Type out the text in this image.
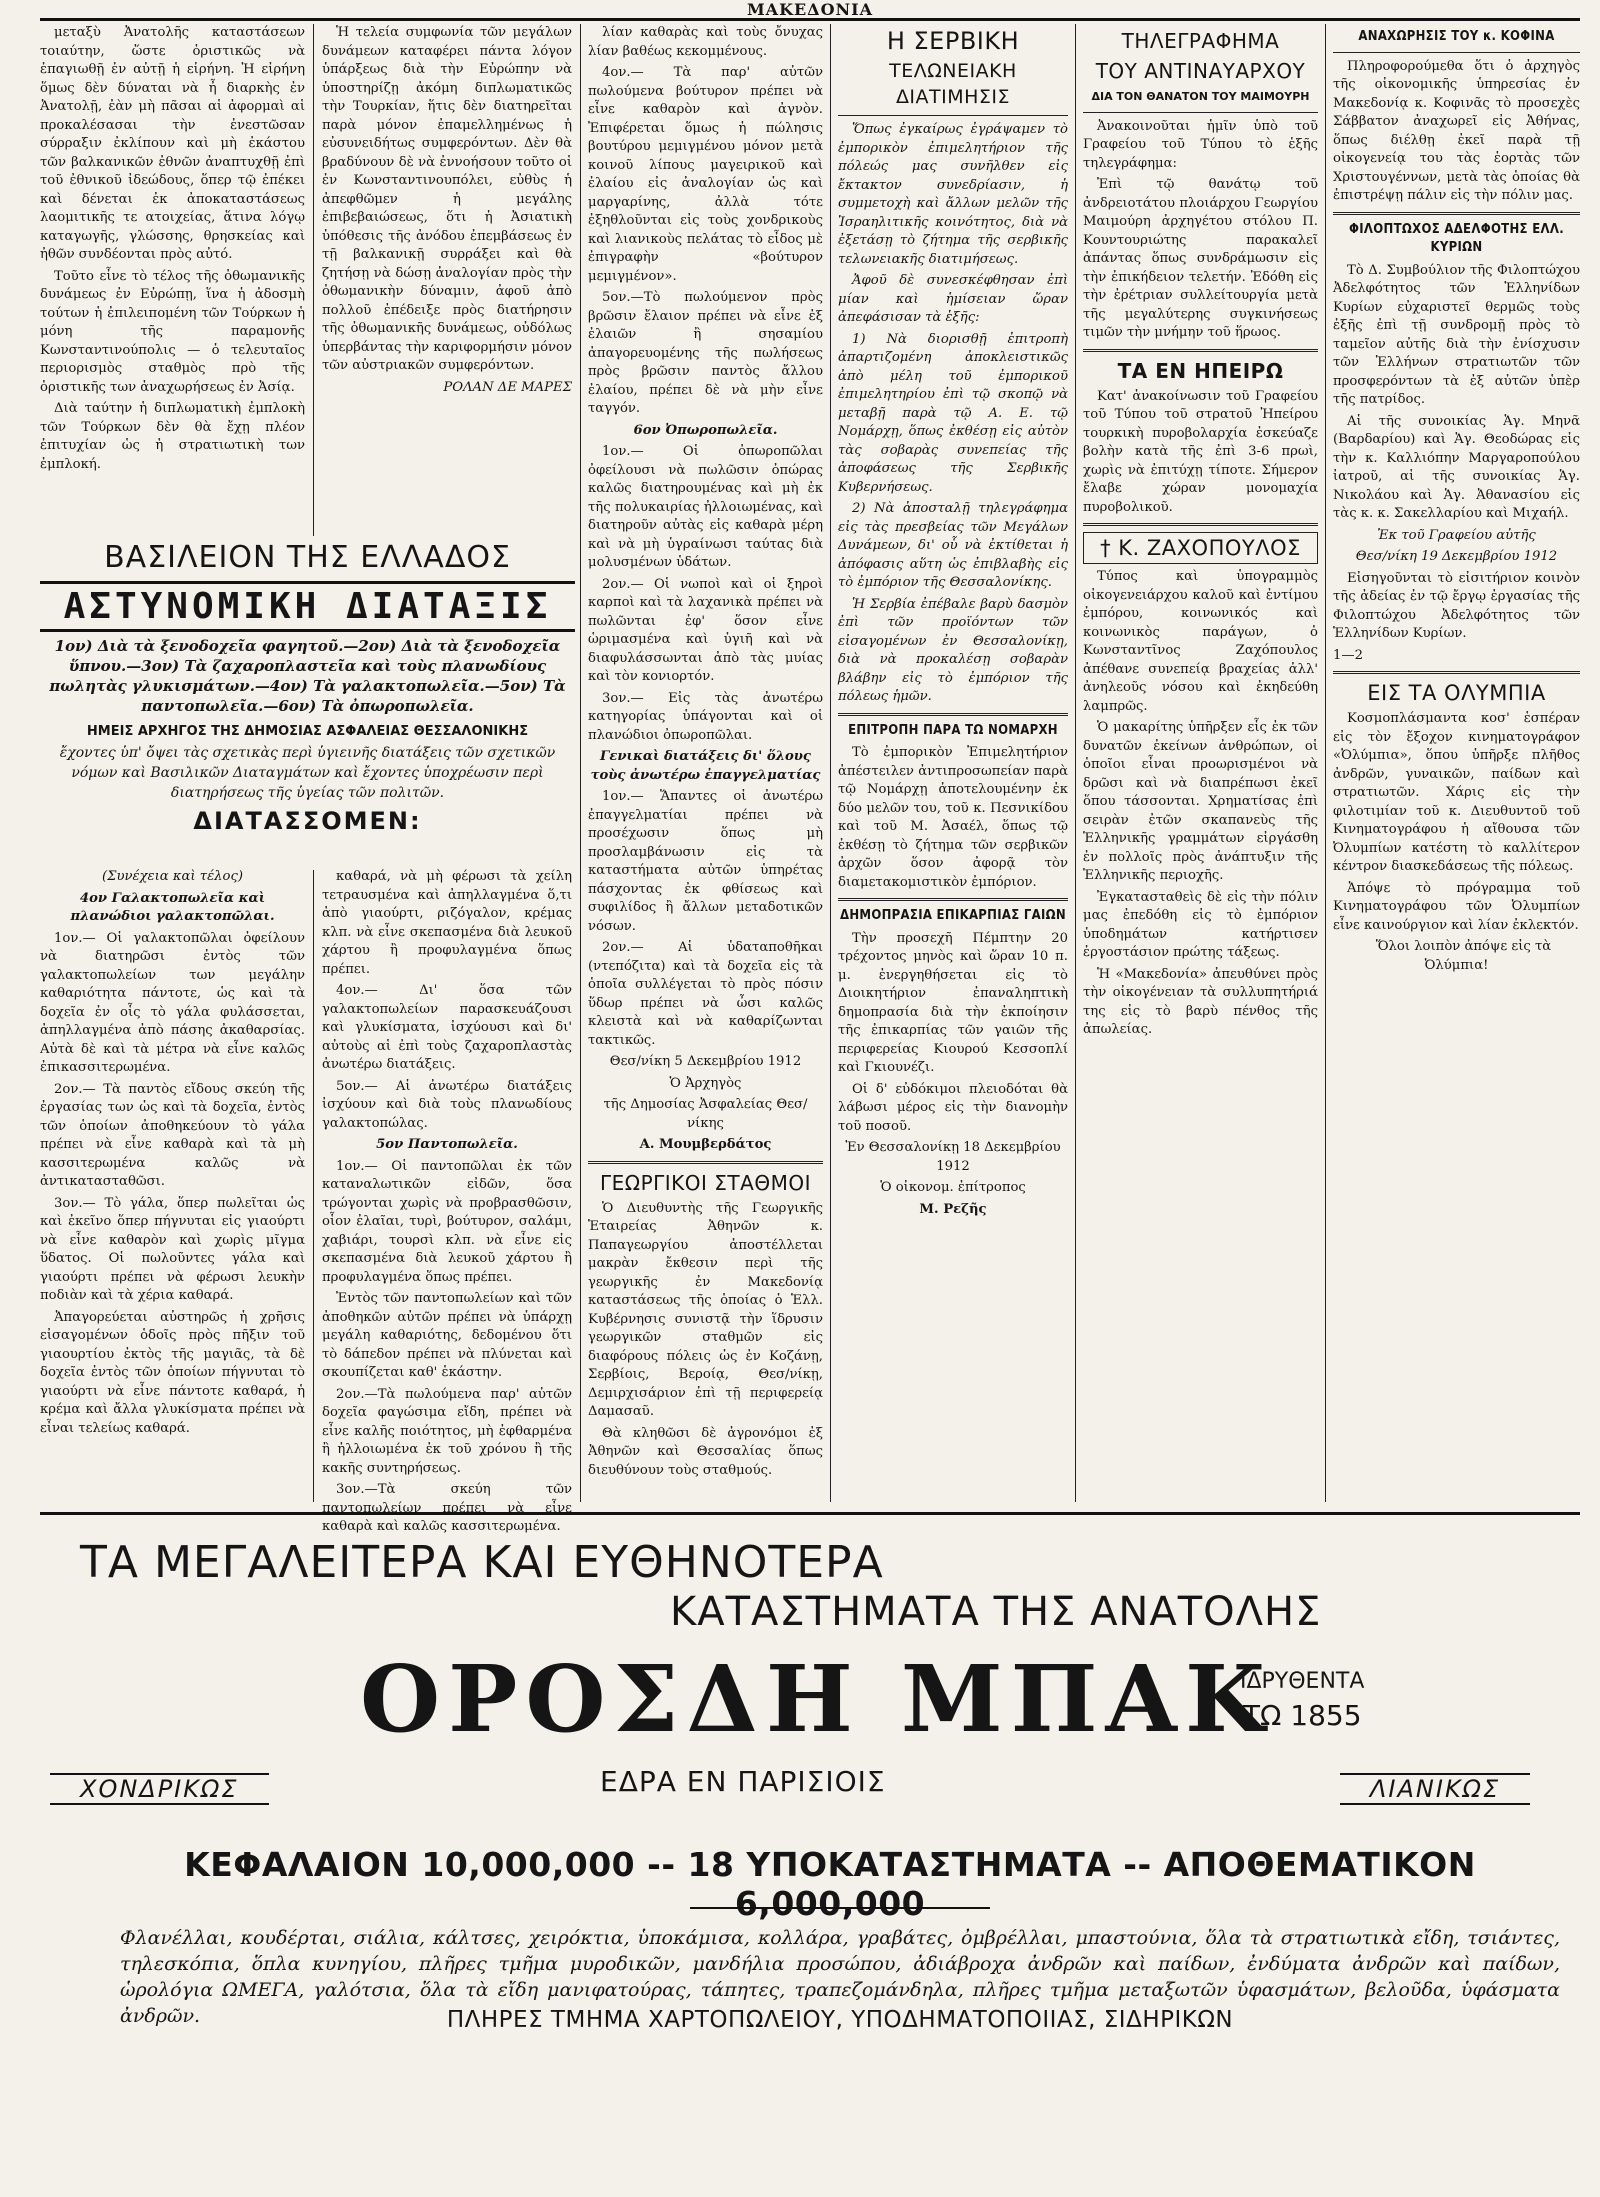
ΜΑΚΕΔΟΝΙΑ

μεταξὺ Ἀνατολῆς καταστάσεων τοιαύτην, ὥστε ὁριστικῶς νὰ ἐπαγιωθῇ ἐν αὐτῇ ἡ εἰρήνη. Ἡ εἰρήνη ὅμως δὲν δύναται νὰ ἦ διαρκὴς ἐν Ἀνατολῇ, ἐὰν μὴ πᾶσαι αἱ ἀφορμαὶ αἱ προκαλέσασαι τὴν ἐνεστῶσαν σύρραξιν ἐκλίπουν καὶ μὴ ἐκάστου τῶν βαλκανικῶν ἐθνῶν ἀναπτυχθῇ ἐπὶ τοῦ ἐθνικοῦ ἰδεώδους, ὅπερ τῷ ἐπέκει καὶ δένεται ἐκ ἀποκαταστάσεως λαομιτικῆς τε ατοιχείας, ἅτινα λόγῳ καταγωγῆς, γλώσσης, θρησκείας καὶ ἠθῶν συνδέονται πρὸς αὐτό.

Τοῦτο εἶνε τὸ τέλος τῆς ὀθωμανικῆς δυνάμεως ἐν Εὐρώπῃ, ἵνα ἡ ἀδοσμὴ τούτων ἡ ἐπιλειπομένη τῶν Τούρκων ἡ μόνη τῆς παραμονῆς Κωνσταντινούπολις — ὁ τελευταῖος περιορισμὸς σταθμὸς πρὸ τῆς ὁριστικῆς των ἀναχωρήσεως ἐν Ἀσίᾳ.

Διὰ ταύτην ἡ διπλωματικὴ ἐμπλοκὴ τῶν Τούρκων δὲν θὰ ἔχῃ πλέον ἐπιτυχίαν ὡς ἡ στρατιωτικὴ των ἐμπλοκή.

Ἡ τελεία συμφωνία τῶν μεγάλων δυνάμεων καταφέρει πάντα λόγον ὑπάρξεως διὰ τὴν Εὐρώπην νὰ ὑποστηρίζῃ ἀκόμη διπλωματικῶς τὴν Τουρκίαν, ἥτις δὲν διατηρεῖται παρὰ μόνον ἐπαμελλημένως ἡ εὐσυνειδήτως συμφερόντων. Δὲν θὰ βραδύνουν δὲ νὰ ἐννοήσουν τοῦτο οἱ ἐν Κωνσταντινουπόλει, εὐθὺς ἡ ἀπεφθῶμεν ἡ μεγάλης ἐπιβεβαιώσεως, ὅτι ἡ Ἀσιατικὴ ὑπόθεσις τῆς ἀνόδου ἐπεμβάσεως ἐν τῇ βαλκανικῇ συρράξει καὶ θὰ ζητήσῃ νὰ δώσῃ ἀναλογίαν πρὸς τὴν ὀθωμανικὴν δύναμιν, ἀφοῦ ἀπὸ πολλοῦ ἐπέδειξε πρὸς διατήρησιν τῆς ὀθωμανικῆς δυνάμεως, οὐδόλως ὑπερβάντας τὴν καριφορμήσιν μόνον τῶν αὐστριακῶν συμφερόντων.

ΡΟΛΑΝ ΔΕ ΜΑΡΕΣ

ΒΑΣΙΛΕΙΟΝ ΤΗΣ ΕΛΛΑΔΟΣ
ΑΣΤΥΝΟΜΙΚΗ ΔΙΑΤΑΞΙΣ
1ον) Διὰ τὰ ξενοδοχεῖα φαγητοῦ.—2ον) Διὰ τὰ ξενοδοχεῖα ὕπνου.—3ον) Τὰ ζαχαροπλαστεῖα καὶ τοὺς πλανωδίους πωλητὰς γλυκισμάτων.—4ον) Τὰ γαλακτοπωλεῖα.—5ον) Τὰ παντοπωλεῖα.—6ον) Τὰ ὀπωροπωλεῖα.
ΗΜΕΙΣ ΑΡΧΗΓΟΣ ΤΗΣ ΔΗΜΟΣΙΑΣ ΑΣΦΑΛΕΙΑΣ ΘΕΣΣΑΛΟΝΙΚΗΣ
ἔχοντες ὑπ' ὄψει τὰς σχετικὰς περὶ ὑγιεινῆς διατάξεις τῶν σχετικῶν νόμων καὶ Βασιλικῶν Διαταγμάτων καὶ ἔχοντες ὑποχρέωσιν περὶ διατηρήσεως τῆς ὑγείας τῶν πολιτῶν.
ΔΙΑΤΑΣΣΟΜΕΝ:

(Συνέχεια καὶ τέλος)

4ον Γαλακτοπωλεῖα καὶ πλανώδιοι γαλακτοπῶλαι.

1ον.— Οἱ γαλακτοπῶλαι ὀφείλουν νὰ διατηρῶσι ἐντὸς τῶν γαλακτοπωλείων των μεγάλην καθαριότητα πάντοτε, ὡς καὶ τὰ δοχεῖα ἐν οἷς τὸ γάλα φυλάσσεται, ἀπηλλαγμένα ἀπὸ πάσης ἀκαθαρσίας. Αὐτὰ δὲ καὶ τὰ μέτρα νὰ εἶνε καλῶς ἐπικασσιτερωμένα.

2ον.— Τὰ παντὸς εἴδους σκεύη τῆς ἐργασίας των ὡς καὶ τὰ δοχεῖα, ἐντὸς τῶν ὁποίων ἀποθηκεύουν τὸ γάλα πρέπει νὰ εἶνε καθαρὰ καὶ τὰ μὴ κασσιτερωμένα καλῶς νὰ ἀντικατασταθῶσι.

3ον.— Τὸ γάλα, ὅπερ πωλεῖται ὡς καὶ ἐκεῖνο ὅπερ πήγνυται εἰς γιαούρτι νὰ εἶνε καθαρὸν καὶ χωρὶς μῖγμα ὕδατος. Οἱ πωλοῦντες γάλα καὶ γιαούρτι πρέπει νὰ φέρωσι λευκὴν ποδιὰν καὶ τὰ χέρια καθαρά.

Ἀπαγορεύεται αὐστηρῶς ἡ χρῆσις εἰσαγομένων ὁδοῖς πρὸς πῆξιν τοῦ γιαουρτίου ἐκτὸς τῆς μαγιᾶς, τὰ δὲ δοχεῖα ἐντὸς τῶν ὁποίων πήγνυται τὸ γιαούρτι νὰ εἶνε πάντοτε καθαρά, ἡ κρέμα καὶ ἄλλα γλυκίσματα πρέπει νὰ εἶναι τελείως καθαρά.

καθαρά, νὰ μὴ φέρωσι τὰ χείλη τετραυσμένα καὶ ἀπηλλαγμένα ὅ,τι ἀπὸ γιαούρτι, ριζόγαλον, κρέμας κλπ. νὰ εἶνε σκεπασμένα διὰ λευκοῦ χάρτου ἢ προφυλαγμένα ὅπως πρέπει.

4ον.— Δι' ὅσα τῶν γαλακτοπωλείων παρασκευάζουσι καὶ γλυκίσματα, ἰσχύουσι καὶ δι' αὐτοὺς αἱ ἐπὶ τοὺς ζαχαροπλαστὰς ἀνωτέρω διατάξεις.

5ον.— Αἱ ἀνωτέρω διατάξεις ἰσχύουν καὶ διὰ τοὺς πλανωδίους γαλακτοπώλας.

5ον Παντοπωλεῖα.

1ον.— Οἱ παντοπῶλαι ἐκ τῶν καταναλωτικῶν εἰδῶν, ὅσα τρώγονται χωρὶς νὰ προβρασθῶσιν, οἷον ἐλαῖαι, τυρὶ, βούτυρον, σαλάμι, χαβιάρι, τουρσὶ κλπ. νὰ εἶνε εἰς σκεπασμένα διὰ λευκοῦ χάρτου ἢ προφυλαγμένα ὅπως πρέπει.

Ἐντὸς τῶν παντοπωλείων καὶ τῶν ἀποθηκῶν αὐτῶν πρέπει νὰ ὑπάρχῃ μεγάλη καθαριότης, δεδομένου ὅτι τὸ δάπεδον πρέπει νὰ πλύνεται καὶ σκουπίζεται καθ' ἑκάστην.

2ον.—Τὰ πωλούμενα παρ' αὐτῶν δοχεῖα φαγώσιμα εἴδη, πρέπει νὰ εἶνε καλῆς ποιότητος, μὴ ἐφθαρμένα ἢ ἠλλοιωμένα ἐκ τοῦ χρόνου ἢ τῆς κακῆς συντηρήσεως.

3ον.—Τὰ σκεύη τῶν παντοπωλείων πρέπει νὰ εἶνε καθαρὰ καὶ καλῶς κασσιτερωμένα.

λίαν καθαρὰς καὶ τοὺς ὄνυχας λίαν βαθέως κεκομμένους.

4ον.— Τὰ παρ' αὐτῶν πωλούμενα βούτυρον πρέπει νὰ εἶνε καθαρὸν καὶ ἀγνὸν. Ἐπιφέρεται ὅμως ἡ πώλησις βουτύρου μεμιγμένου μόνον μετὰ κοινοῦ λίπους μαγειρικοῦ καὶ ἐλαίου εἰς ἀναλογίαν ὡς καὶ μαργαρίνης, ἀλλὰ τότε ἐξηθλοῦνται εἰς τοὺς χονδρικοὺς καὶ λιανικοὺς πελάτας τὸ εἶδος μὲ ἐπιγραφὴν «βούτυρον μεμιγμένον».

5ον.—Τὸ πωλούμενον πρὸς βρῶσιν ἔλαιον πρέπει νὰ εἶνε ἐξ ἐλαιῶν ἢ σησαμίου ἀπαγορευομένης τῆς πωλήσεως πρὸς βρῶσιν παντὸς ἄλλου ἐλαίου, πρέπει δὲ νὰ μὴν εἶνε ταγγόν.

6ον Ὀπωροπωλεῖα.

1ον.— Οἱ ὀπωροπῶλαι ὀφείλουσι νὰ πωλῶσιν ὀπώρας καλῶς διατηρουμένας καὶ μὴ ἐκ τῆς πολυκαιρίας ἠλλοιωμένας, καὶ διατηροῦν αὐτὰς εἰς καθαρὰ μέρη καὶ νὰ μὴ ὑγραίνωσι ταύτας διὰ μολυσμένων ὑδάτων.

2ον.— Οἱ νωποὶ καὶ οἱ ξηροὶ καρποὶ καὶ τὰ λαχανικὰ πρέπει νὰ πωλῶνται ἐφ' ὅσον εἶνε ὡριμασμένα καὶ ὑγιῆ καὶ νὰ διαφυλάσσωνται ἀπὸ τὰς μυίας καὶ τὸν κονιορτόν.

3ον.— Εἰς τὰς ἀνωτέρω κατηγορίας ὑπάγονται καὶ οἱ πλανώδιοι ὀπωροπῶλαι.

Γενικαὶ διατάξεις δι' ὅλους τοὺς ἀνωτέρω ἐπαγγελματίας

1ον.— Ἅπαντες οἱ ἀνωτέρω ἐπαγγελματίαι πρέπει νὰ προσέχωσιν ὅπως μὴ προσλαμβάνωσιν εἰς τὰ καταστήματα αὐτῶν ὑπηρέτας πάσχοντας ἐκ φθίσεως καὶ συφιλίδος ἢ ἄλλων μεταδοτικῶν νόσων.

2ον.— Αἱ ὑδαταποθῆκαι (ντεπόζιτα) καὶ τὰ δοχεῖα εἰς τὰ ὁποῖα συλλέγεται τὸ πρὸς πόσιν ὕδωρ πρέπει νὰ ὦσι καλῶς κλειστὰ καὶ νὰ καθαρίζωνται τακτικῶς.

Θεσ/νίκη 5 Δεκεμβρίου 1912

Ὁ Ἀρχηγὸς

τῆς Δημοσίας Ἀσφαλείας Θεσ/νίκης

Α. Μουμβερδάτος

ΓΕΩΡΓΙΚΟΙ ΣΤΑΘΜΟΙ

Ὁ Διευθυντὴς τῆς Γεωργικῆς Ἑταιρείας Ἀθηνῶν κ. Παπαγεωργίου ἀποστέλλεται μακρὰν ἔκθεσιν περὶ τῆς γεωργικῆς ἐν Μακεδονίᾳ καταστάσεως τῆς ὁποίας ὁ Ἑλλ. Κυβέρνησις συνιστᾷ τὴν ἵδρυσιν γεωργικῶν σταθμῶν εἰς διαφόρους πόλεις ὡς ἐν Κοζάνῃ, Σερβίοις, Βεροίᾳ, Θεσ/νίκῃ, Δεμιρχισάριον ἐπὶ τῇ περιφερείᾳ Δαμασαῦ.

Θὰ κληθῶσι δὲ ἀγρονόμοι ἐξ Ἀθηνῶν καὶ Θεσσαλίας ὅπως διευθύνουν τοὺς σταθμούς.

Η ΣΕΡΒΙΚΗ
ΤΕΛΩΝΕΙΑΚΗ ΔΙΑΤΙΜΗΣΙΣ

Ὅπως ἐγκαίρως ἐγράψαμεν τὸ ἐμπορικὸν ἐπιμελητήριον τῆς πόλεώς μας συνῆλθεν εἰς ἔκτακτον συνεδρίασιν, ἡ συμμετοχὴ καὶ ἄλλων μελῶν τῆς Ἰσραηλιτικῆς κοινότητος, διὰ νὰ ἐξετάσῃ τὸ ζήτημα τῆς σερβικῆς τελωνειακῆς διατιμήσεως.

Ἀφοῦ δὲ συνεσκέφθησαν ἐπὶ μίαν καὶ ἡμίσειαν ὥραν ἀπεφάσισαν τὰ ἑξῆς:

1) Νὰ διορισθῇ ἐπιτροπὴ ἀπαρτιζομένη ἀποκλειστικῶς ἀπὸ μέλη τοῦ ἐμπορικοῦ ἐπιμελητηρίου ἐπὶ τῷ σκοπῷ νὰ μεταβῇ παρὰ τῷ Α. Ε. τῷ Νομάρχῃ, ὅπως ἐκθέσῃ εἰς αὐτὸν τὰς σοβαρὰς συνεπείας τῆς ἀποφάσεως τῆς Σερβικῆς Κυβερνήσεως.

2) Νὰ ἀποσταλῇ τηλεγράφημα εἰς τὰς πρεσβείας τῶν Μεγάλων Δυνάμεων, δι' οὗ νὰ ἐκτίθεται ἡ ἀπόφασις αὕτη ὡς ἐπιβλαβὴς εἰς τὸ ἐμπόριον τῆς Θεσσαλονίκης.

Ἡ Σερβία ἐπέβαλε βαρὺ δασμὸν ἐπὶ τῶν προϊόντων τῶν εἰσαγομένων ἐν Θεσσαλονίκῃ, διὰ νὰ προκαλέσῃ σοβαρὰν βλάβην εἰς τὸ ἐμπόριον τῆς πόλεως ἡμῶν.

ΕΠΙΤΡΟΠΗ ΠΑΡΑ ΤΩ ΝΟΜΑΡΧΗ

Τὸ ἐμπορικὸν Ἐπιμελητήριον ἀπέστειλεν ἀντιπροσωπείαν παρὰ τῷ Νομάρχῃ ἀποτελουμένην ἐκ δύο μελῶν του, τοῦ κ. Πεσνικίδου καὶ τοῦ Μ. Ἀσαέλ, ὅπως τῷ ἐκθέσῃ τὸ ζήτημα τῶν σερβικῶν ἀρχῶν ὅσον ἀφορᾷ τὸν διαμετακομιστικὸν ἐμπόριον.

ΔΗΜΟΠΡΑΣΙΑ ΕΠΙΚΑΡΠΙΑΣ ΓΑΙΩΝ

Τὴν προσεχῆ Πέμπτην 20 τρέχοντος μηνὸς καὶ ὥραν 10 π. μ. ἐνεργηθήσεται εἰς τὸ Διοικητήριον ἐπαναληπτικὴ δημοπρασία διὰ τὴν ἐκποίησιν τῆς ἐπικαρπίας τῶν γαιῶν τῆς περιφερείας Κιουρού Κεσσοπλί καὶ Γκιουνέζι.

Οἱ δ' εὐδόκιμοι πλειοδόται θὰ λάβωσι μέρος εἰς τὴν διανομὴν τοῦ ποσοῦ.

Ἐν Θεσσαλονίκῃ 18 Δεκεμβρίου 1912

Ὁ οἰκονομ. ἐπίτροπος

Μ. Ρεζῆς

ΤΗΛΕΓΡΑΦΗΜΑ
ΤΟΥ ΑΝΤΙΝΑΥΑΡΧΟΥ
ΔΙΑ ΤΟΝ ΘΑΝΑΤΟΝ ΤΟΥ ΜΑΙΜΟΥΡΗ

Ἀνακοινοῦται ἡμῖν ὑπὸ τοῦ Γραφείου τοῦ Τύπου τὸ ἑξῆς τηλεγράφημα:

Ἐπὶ τῷ θανάτῳ τοῦ ἀνδρειοτάτου πλοιάρχου Γεωργίου Μαιμούρη ἀρχηγέτου στόλου Π. Κουντουριώτης παρακαλεῖ ἁπάντας ὅπως συνδράμωσιν εἰς τὴν ἐπικήδειον τελετήν. Ἐδόθη εἰς τὴν ἐρέτριαν συλλείτουργία μετὰ τῆς μεγαλύτερης συγκινήσεως τιμῶν τὴν μνήμην τοῦ ἥρωος.

ΤΑ ΕΝ ΗΠΕΙΡΩ

Κατ' ἀνακοίνωσιν τοῦ Γραφείου τοῦ Τύπου τοῦ στρατοῦ Ἠπείρου τουρκικὴ πυροβολαρχία ἐσκεύαζε βολὴν κατὰ τῆς ἐπὶ 3-6 πρωὶ, χωρὶς νὰ ἐπιτύχῃ τίποτε. Σήμερον ἔλαβε χώραν μονομαχία πυροβολικοῦ.

† Κ. ΖΑΧΟΠΟΥΛΟΣ

Τύπος καὶ ὑπογραμμὸς οἰκογενειάρχου καλοῦ καὶ ἐντίμου ἐμπόρου, κοινωνικός καὶ κοινωνικὸς παράγων, ὁ Κωνσταντῖνος Ζαχόπουλος ἀπέθανε συνεπείᾳ βραχείας ἀλλ' ἀνηλεοῦς νόσου καὶ ἐκηδεύθη λαμπρῶς.

Ὁ μακαρίτης ὑπῆρξεν εἷς ἐκ τῶν δυνατῶν ἐκείνων ἀνθρώπων, οἱ ὁποῖοι εἶναι προωρισμένοι νὰ δρῶσι καὶ νὰ διαπρέπωσι ἐκεῖ ὅπου τάσσονται. Χρηματίσας ἐπὶ σειρὰν ἐτῶν σκαπανεὺς τῆς Ἑλληνικῆς γραμμάτων εἰργάσθη ἐν πολλοῖς πρὸς ἀνάπτυξιν τῆς Ἑλληνικῆς περιοχῆς.

Ἐγκατασταθεὶς δὲ εἰς τὴν πόλιν μας ἐπεδόθη εἰς τὸ ἐμπόριον ὑποδημάτων κατήρτισεν ἐργοστάσιον πρώτης τάξεως.

Ἡ «Μακεδονία» ἀπευθύνει πρὸς τὴν οἰκογένειαν τὰ συλλυπητήριά της εἰς τὸ βαρὺ πένθος τῆς ἀπωλείας.

ΑΝΑΧΩΡΗΣΙΣ ΤΟΥ κ. ΚΟΦΙΝΑ

Πληροφορούμεθα ὅτι ὁ ἀρχηγὸς τῆς οἰκονομικῆς ὑπηρεσίας ἐν Μακεδονίᾳ κ. Κοφινᾶς τὸ προσεχὲς Σάββατον ἀναχωρεῖ εἰς Ἀθήνας, ὅπως διέλθῃ ἐκεῖ παρὰ τῇ οἰκογενείᾳ του τὰς ἑορτὰς τῶν Χριστουγέννων, μετὰ τὰς ὁποίας θὰ ἐπιστρέψῃ πάλιν εἰς τὴν πόλιν μας.

ΦΙΛΟΠΤΩΧΟΣ ΑΔΕΛΦΟΤΗΣ ΕΛΛ. ΚΥΡΙΩΝ

Τὸ Δ. Συμβούλιον τῆς Φιλοπτώχου Ἀδελφότητος τῶν Ἑλληνίδων Κυρίων εὐχαριστεῖ θερμῶς τοὺς ἐξῆς ἐπὶ τῇ συνδρομῇ πρὸς τὸ ταμεῖον αὐτῆς διὰ τὴν ἐνίσχυσιν τῶν Ἑλλήνων στρατιωτῶν τῶν προσφερόντων τὰ ἐξ αὐτῶν ὑπὲρ τῆς πατρίδος.

Αἱ τῆς συνοικίας Ἁγ. Μηνᾶ (Βαρδαρίου) καὶ Ἁγ. Θεοδώρας εἰς τὴν κ. Καλλιόπην Μαργαροπούλου ἰατροῦ, αἱ τῆς συνοικίας Ἁγ. Νικολάου καὶ Ἁγ. Ἀθανασίου εἰς τὰς κ. κ. Σακελλαρίου καὶ Μιχαήλ.

Ἐκ τοῦ Γραφείου αὐτῆς

Θεσ/νίκη 19 Δεκεμβρίου 1912

Εἰσηγοῦνται τὸ εἰσιτήριον κοινὸν τῆς ἀδείας ἐν τῷ ἔργῳ ἐργασίας τῆς Φιλοπτώχου Ἀδελφότητος τῶν Ἑλληνίδων Κυρίων.

1—2

ΕΙΣ ΤΑ ΟΛΥΜΠΙΑ

Κοσμοπλάσμαντα κοσ' ἑσπέραν εἰς τὸν ἔξοχον κινηματογράφον «Ὀλύμπια», ὅπου ὑπῆρξε πλῆθος ἀνδρῶν, γυναικῶν, παίδων καὶ στρατιωτῶν. Χάρις εἰς τὴν φιλοτιμίαν τοῦ κ. Διευθυντοῦ τοῦ Κινηματογράφου ἡ αἴθουσα τῶν Ὀλυμπίων κατέστη τὸ καλλίτερον κέντρον διασκεδάσεως τῆς πόλεως.

Ἀπόψε τὸ πρόγραμμα τοῦ Κινηματογράφου τῶν Ὀλυμπίων εἶνε καινούργιον καὶ λίαν ἐκλεκτόν.

Ὅλοι λοιπὸν ἀπόψε εἰς τὰ Ὀλύμπια!

ΤΑ ΜΕΓΑΛΕΙΤΕΡΑ ΚΑΙ ΕΥΘΗΝΟΤΕΡΑ
ΚΑΤΑΣΤΗΜΑΤΑ ΤΗΣ ΑΝΑΤΟΛΗΣ
ΟΡΟΣΔΗ ΜΠΑΚ
ΙΔΡΥΘΕΝΤΑ
ΤΩ 1855
ΧΟΝΔΡΙΚΩΣ	ΕΔΡΑ ΕΝ ΠΑΡΙΣΙΟΙΣ	ΛΙΑΝΙΚΩΣ
ΚΕΦΑΛΑΙΟΝ 10,000,000 -- 18 ΥΠΟΚΑΤΑΣΤΗΜΑΤΑ -- ΑΠΟΘΕΜΑΤΙΚΟΝ 6,000,000
Φλανέλλαι, κουδέρται, σιάλια, κάλτσες, χειρόκτια, ὑποκάμισα, κολλάρα, γραβάτες, ὀμβρέλλαι, μπαστούνια, ὅλα τὰ στρατιωτικὰ εἴδη, τσιάντες, τηλεσκόπια, ὅπλα κυνηγίου, πλῆρες τμῆμα μυροδικῶν, μανδήλια προσώπου, ἀδιάβροχα ἀνδρῶν καὶ παίδων, ἐνδύματα ἀνδρῶν καὶ παίδων, ὡρολόγια ΩΜΕΓΑ, γαλότσια, ὅλα τὰ εἴδη μανιφατούρας, τάπητες, τραπεζομάνδηλα, πλῆρες τμῆμα μεταξωτῶν ὑφασμάτων, βελοῦδα, ὑφάσματα ἀνδρῶν.	ΠΛΗΡΕΣ ΤΜΗΜΑ ΧΑΡΤΟΠΩΛΕΙΟΥ, ΥΠΟΔΗΜΑΤΟΠΟΙΙΑΣ, ΣΙΔΗΡΙΚΩΝ
